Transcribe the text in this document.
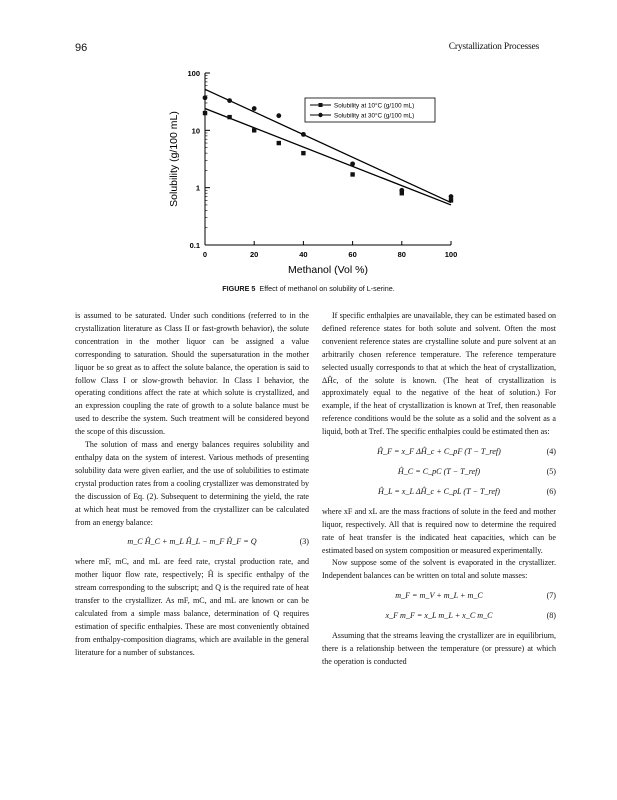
96	Crystallization Processes
100
10
1
0.1
0	20	40	60	80	100
Methanol (Vol %)
Solubility (g/100 mL)
Solubility at 10°C (g/100 mL)
Solubility at 30°C (g/100 mL)
FIGURE 5 Effect of methanol on solubility of L-serine.

is assumed to be saturated. Under such conditions (referred to in the crystallization literature as Class II or fast-growth behavior), the solute concentration in the mother liquor can be assigned a value corresponding to saturation. Should the supersaturation in the mother liquor be so great as to affect the solute balance, the operation is said to follow Class I or slow-growth behavior. In Class I behavior, the operating conditions affect the rate at which solute is crystallized, and an expression coupling the rate of growth to a solute balance must be used to describe the system. Such treatment will be considered beyond the scope of this discussion.

The solution of mass and energy balances requires solubility and enthalpy data on the system of interest. Various methods of presenting solubility data were given earlier, and the use of solubilities to estimate crystal production rates from a cooling crystallizer was demonstrated by the discussion of Eq. (2). Subsequent to determining the yield, the rate at which heat must be removed from the crystallizer can be calculated from an energy balance:

m_C Ĥ_C + m_L Ĥ_L − m_F Ĥ_F = Q	(3)

where mF, mC, and mL are feed rate, crystal production rate, and mother liquor flow rate, respectively; Ĥ is specific enthalpy of the stream corresponding to the subscript; and Q is the required rate of heat transfer to the crystallizer. As mF, mC, and mL are known or can be calculated from a simple mass balance, determination of Q requires estimation of specific enthalpies. These are most conveniently obtained from enthalpy-composition diagrams, which are available in the general literature for a number of substances.

If specific enthalpies are unavailable, they can be estimated based on defined reference states for both solute and solvent. Often the most convenient reference states are crystalline solute and pure solvent at an arbitrarily chosen reference temperature. The reference temperature selected usually corresponds to that at which the heat of crystallization, ΔĤc, of the solute is known. (The heat of crystallization is approximately equal to the negative of the heat of solution.) For example, if the heat of crystallization is known at Tref, then reasonable reference conditions would be the solute as a solid and the solvent as a liquid, both at Tref. The specific enthalpies could be estimated then as:

Ĥ_F = x_F ΔĤ_c + C_pF (T − T_ref)	(4)
Ĥ_C = C_pC (T − T_ref)	(5)
Ĥ_L = x_L ΔĤ_c + C_pL (T − T_ref)	(6)

where xF and xL are the mass fractions of solute in the feed and mother liquor, respectively. All that is required now to determine the required rate of heat transfer is the indicated heat capacities, which can be estimated based on system composition or measured experimentally.

Now suppose some of the solvent is evaporated in the crystallizer. Independent balances can be written on total and solute masses:

m_F = m_V + m_L + m_C	(7)
x_F m_F = x_L m_L + x_C m_C	(8)

Assuming that the streams leaving the crystallizer are in equilibrium, there is a relationship between the temperature (or pressure) at which the operation is conducted
